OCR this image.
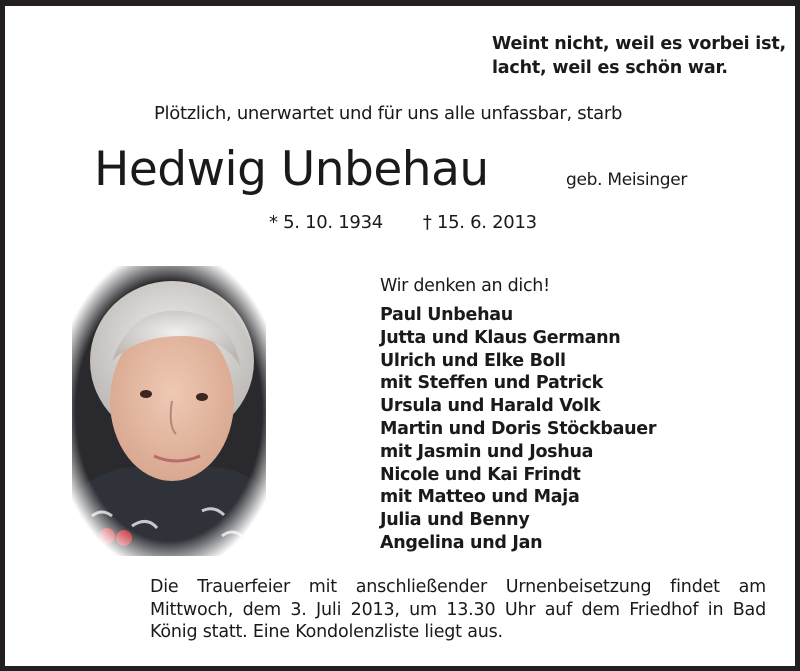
Weint nicht, weil es vorbei ist,
lacht, weil es schön war.
Plötzlich, unerwartet und für uns alle unfassbar, starb
Hedwig Unbehau	geb. Meisinger
* 5. 10. 1934 † 15. 6. 2013
Wir denken an dich!
Paul Unbehau
Jutta und Klaus Germann
Ulrich und Elke Boll
mit Steffen und Patrick
Ursula und Harald Volk
Martin und Doris Stöckbauer
mit Jasmin und Joshua
Nicole und Kai Frindt
mit Matteo und Maja
Julia und Benny
Angelina und Jan
Die Trauerfeier mit anschließender Urnenbeisetzung findet am Mittwoch, dem 3. Juli 2013, um 13.30 Uhr auf dem Friedhof in Bad König statt. Eine Kondolenzliste liegt aus.
